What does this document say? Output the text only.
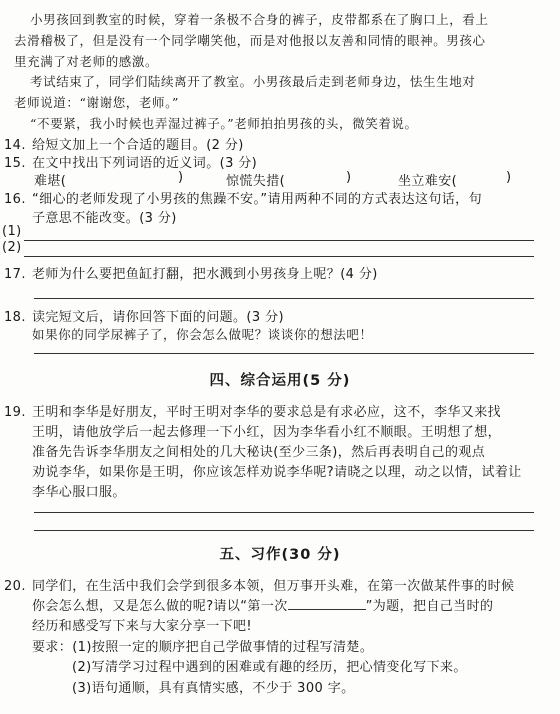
小男孩回到教室的时候，穿着一条极不合身的裤子，皮带都系在了胸口上，看上
去滑稽极了，但是没有一个同学嘲笑他，而是对他报以友善和同情的眼神。男孩心
里充满了对老师的感激。
考试结束了，同学们陆续离开了教室。小男孩最后走到老师身边，怯生生地对
老师说道：“谢谢您，老师。”
“不要紧，我小时候也弄湿过裤子。”老师拍拍男孩的头，微笑着说。
14. 给短文加上一个合适的题目。(2 分)
15. 在文中找出下列词语的近义词。(3 分)
难堪(	)	惊慌失措(	)	坐立难安(	)
16. “细心的老师发现了小男孩的焦躁不安。”请用两种不同的方式表达这句话，句
子意思不能改变。(3 分)
(1)
(2)
17. 老师为什么要把鱼缸打翻，把水溅到小男孩身上呢？(4 分)
18. 读完短文后，请你回答下面的问题。(3 分)
如果你的同学尿裤子了，你会怎么做呢？谈谈你的想法吧！
四、综合运用(5 分)
19. 王明和李华是好朋友，平时王明对李华的要求总是有求必应，这不，李华又来找
王明，请他放学后一起去修理一下小红，因为李华看小红不顺眼。王明想了想，
准备先告诉李华朋友之间相处的几大秘诀(至少三条)，然后再表明自己的观点
劝说李华，如果你是王明，你应该怎样劝说李华呢?请晓之以理，动之以情，试着让
李华心服口服。
五、习作(30 分)
20. 同学们，在生活中我们会学到很多本领，但万事开头难，在第一次做某件事的时候
你会怎么想，又是怎么做的呢?请以“第一次	”为题，把自己当时的
经历和感受写下来与大家分享一下吧!
要求：(1)按照一定的顺序把自己学做事情的过程写清楚。
(2)写清学习过程中遇到的困难或有趣的经历，把心情变化写下来。
(3)语句通顺，具有真情实感，不少于 300 字。
